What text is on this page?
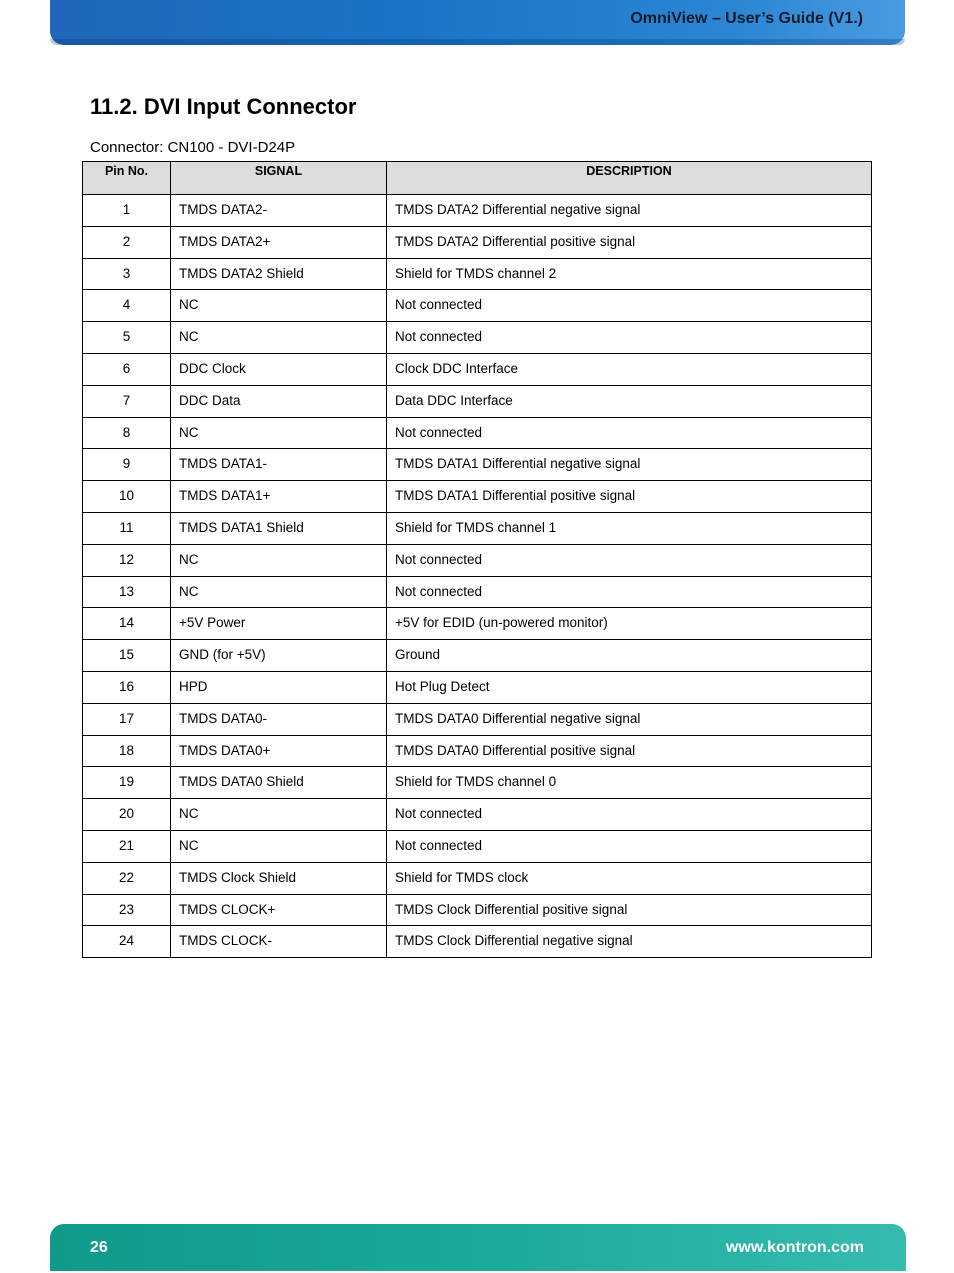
OmniView – User’s Guide (V1.)
11.2. DVI Input Connector
Connector: CN100 - DVI-D24P
Pin No.	SIGNAL	DESCRIPTION
1	TMDS DATA2-	TMDS DATA2 Differential negative signal
2	TMDS DATA2+	TMDS DATA2 Differential positive signal
3	TMDS DATA2 Shield	Shield for TMDS channel 2
4	NC	Not connected
5	NC	Not connected
6	DDC Clock	Clock DDC Interface
7	DDC Data	Data DDC Interface
8	NC	Not connected
9	TMDS DATA1-	TMDS DATA1 Differential negative signal
10	TMDS DATA1+	TMDS DATA1 Differential positive signal
11	TMDS DATA1 Shield	Shield for TMDS channel 1
12	NC	Not connected
13	NC	Not connected
14	+5V Power	+5V for EDID (un-powered monitor)
15	GND (for +5V)	Ground
16	HPD	Hot Plug Detect
17	TMDS DATA0-	TMDS DATA0 Differential negative signal
18	TMDS DATA0+	TMDS DATA0 Differential positive signal
19	TMDS DATA0 Shield	Shield for TMDS channel 0
20	NC	Not connected
21	NC	Not connected
22	TMDS Clock Shield	Shield for TMDS clock
23	TMDS CLOCK+	TMDS Clock Differential positive signal
24	TMDS CLOCK-	TMDS Clock Differential negative signal
26	www.kontron.com
